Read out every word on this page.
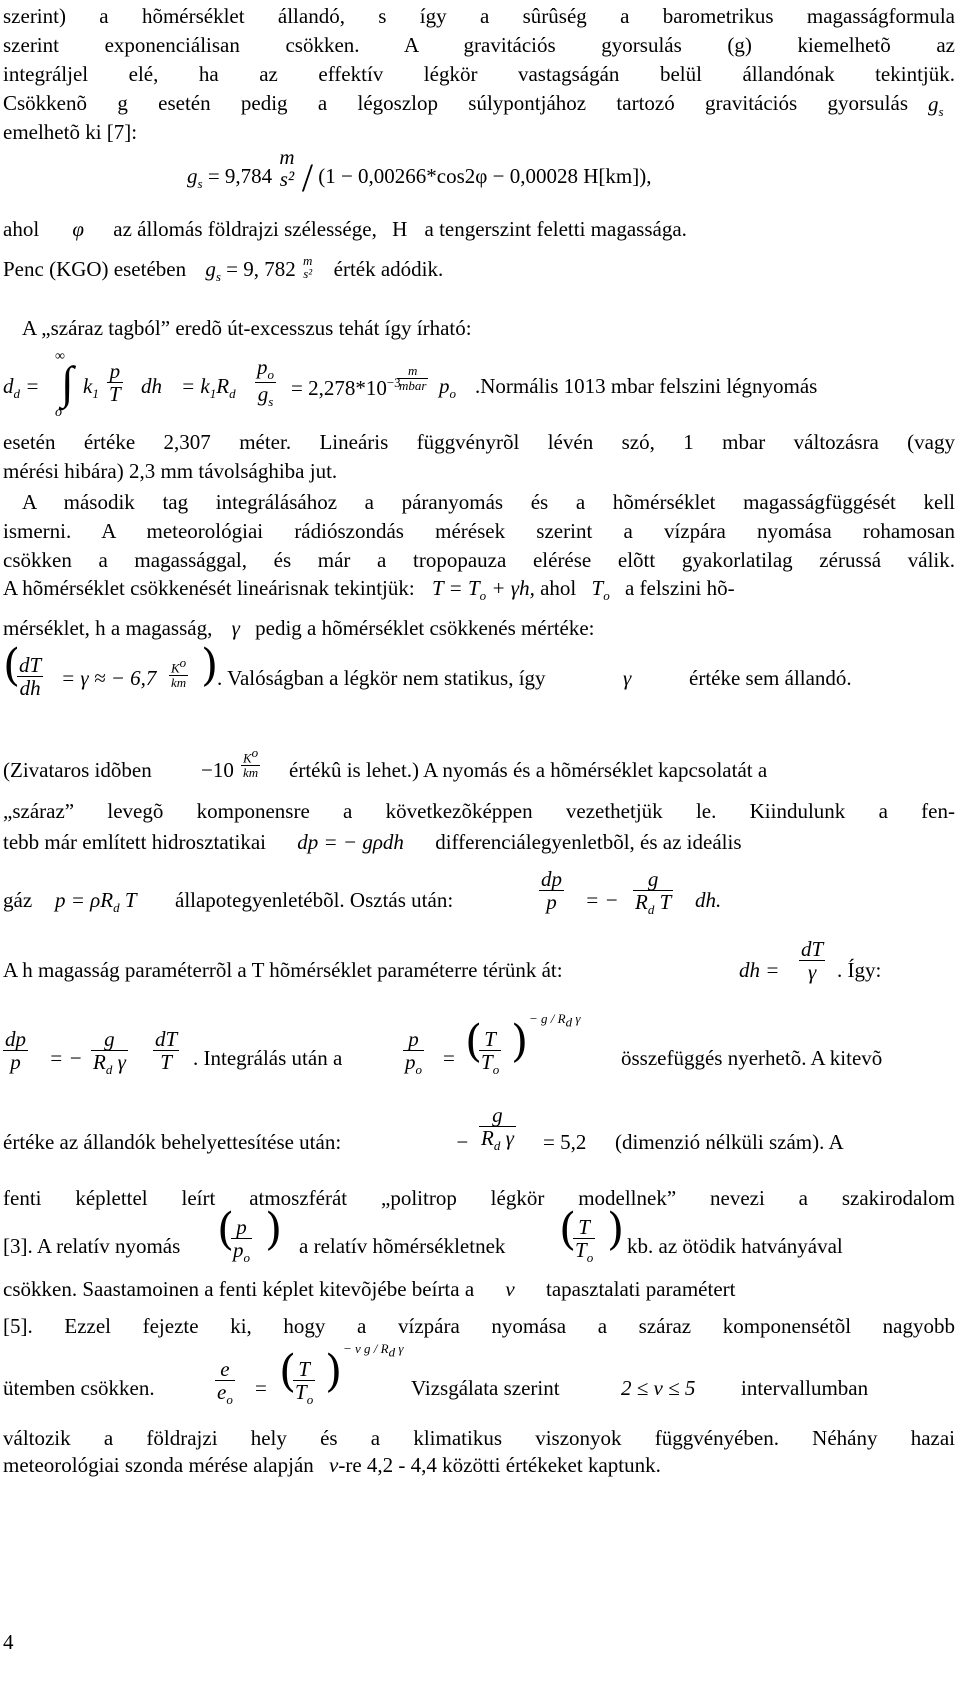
szerint) a hõmérséklet állandó, s így a sûrûség a barometrikus magasságformula
szerint exponenciálisan csökken. A gravitációs gyorsulás (g) kiemelhetõ az
integráljel elé, ha az effektív légkör vastagságán belül állandónak tekintjük.
Csökkenõ g esetén pedig a légoszlop súlypontjához tartozó gravitációs gyorsulás
emelhetõ ki [7]:
$g_s$
$g_s = 9,784$
m
s² / (1 − 0,00266*cos2φ − 0,00028 H[km]),
ahol φ az állomás földrajzi szélessége, H a tengerszint feletti magassága.
Penc (KGO) esetében $g_s = 9$, 782 m
s² érték adódik.
A „száraz tagból” eredõ út-excesszus tehát így írható:
$d_d$ =
∞
∫
o
$k_1 \frac{p}{T}$ dh = $k_1R_d \frac{p_o}{g_s} = 2,278*10^{-3}$
m
mbar $p_o$ .Normális 1013 mbar felszini légnyomás
esetén értéke 2,307 méter. Lineáris függvényrõl lévén szó, 1 mbar változásra (vagy
mérési hibára) 2,3 mm távolsághiba jut.
A második tag integrálásához a páranyomás és a hõmérséklet magasságfüggését kell
ismerni. A meteorológiai rádiószondás mérések szerint a vízpára nyomása rohamosan
csökken a magassággal, és már a tropopauza elérése elõtt gyakorlatilag zérussá válik.
A hõmérséklet csökkenését lineárisnak tekintjük: $T = T_o + \gamma h$, ahol $T_o$ a felszini hõ-
mérséklet, h a magasság, γ pedig a hõmérséklet csökkenés mértéke:
(
$\frac{dT}{dh} = \gamma$ ≈ − $6,7 \frac{K^o}{km}$ )
. Valóságban a légkör nem statikus, így	γ	értéke sem állandó.
(Zivataros idõben $-10 \frac{K^o}{km}$ értékû is lehet.) A nyomás és a hõmérséklet kapcsolatát a
„száraz” levegõ komponensre a következõképpen vezethetjük le. Kiindulunk a fen-
tebb már említett hidrosztatikai dp = − gρdh differenciálegyenletbõl, és az ideális
gáz $p = \rho R_d$ T állapotegyenletébõl. Osztás után:	$\frac{dp}{p}$ = − $\frac{g}{R_d T}$ dh.
A h magasság paraméterrõl a T hõmérséklet paraméterre térünk át:	dh = $\frac{dT}{\gamma}$ . Így:
$\frac{dp}{p}$ = − $\frac{g}{R_d \gamma} \frac{dT}{T}$ . Integrálás után a	$\frac{p}{p_o}$ = (
$\frac{T}{T_o}$ ) − g / $R_d$ γ
összefüggés nyerhetõ. A kitevõ
értéke az állandók behelyettesítése után:	− $\frac{g}{R_d \gamma} = 5,2$ (dimenzió nélküli szám). A
fenti képlettel leírt atmoszférát „politrop légkör modellnek” nevezi a szakirodalom
[3]. A relatív nyomás (
$\frac{p}{p_o}$ ) a relatív hõmérsékletnek (
$\frac{T}{T_o}$ ) kb. az ötödik hatványával
csökken. Saastamoinen a fenti képlet kitevõjébe beírta a ν tapasztalati paramétert
[5]. Ezzel fejezte ki, hogy a vízpára nyomása a száraz komponensétõl nagyobb
ütemben csökken.	$\frac{e}{e_o}$ = (
$\frac{T}{T_o}$ ) − ν g / $R_d$ γ
Vizsgálata szerint	2 ≤ ν ≤ 5 intervallumban
változik a földrajzi hely és a klimatikus viszonyok függvényében. Néhány hazai
meteorológiai szonda mérése alapján ν-re 4,2 - 4,4 közötti értékeket kaptunk.
4
